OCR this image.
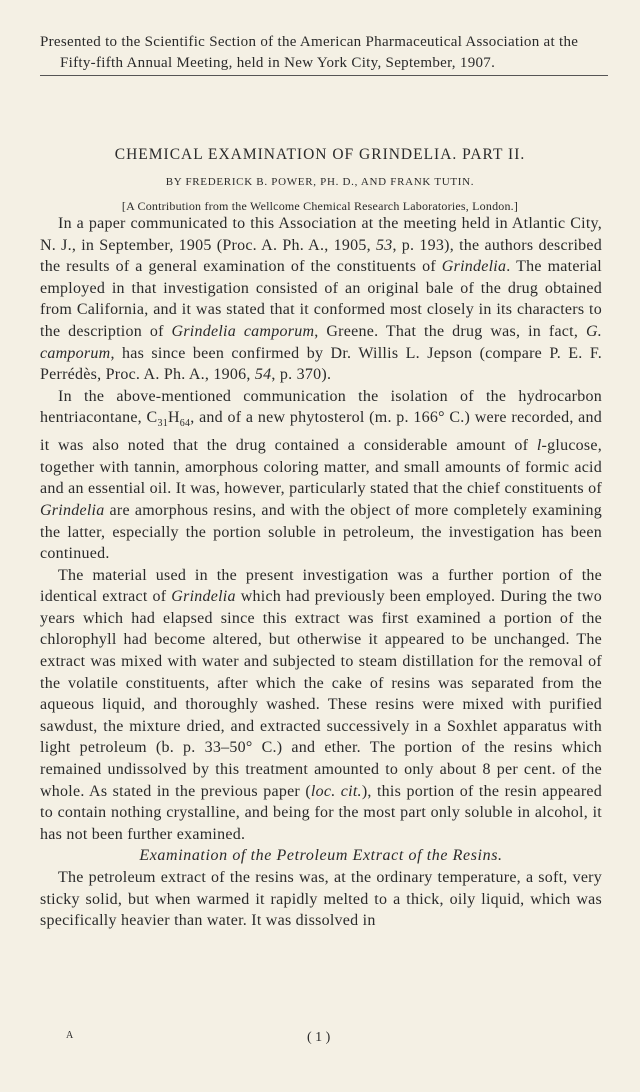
Presented to the Scientific Section of the American Pharmaceutical Association at the
Fifty-fifth Annual Meeting, held in New York City, September, 1907.
CHEMICAL EXAMINATION OF GRINDELIA. PART II.
BY FREDERICK B. POWER, PH. D., AND FRANK TUTIN.
[A Contribution from the Wellcome Chemical Research Laboratories, London.]

In a paper communicated to this Association at the meeting held in Atlantic City, N. J., in September, 1905 (Proc. A. Ph. A., 1905, 53, p. 193), the authors described the results of a general examination of the constituents of Grindelia. The material employed in that investigation consisted of an original bale of the drug obtained from California, and it was stated that it conformed most closely in its characters to the description of Grindelia camporum, Greene. That the drug was, in fact, G. camporum, has since been confirmed by Dr. Willis L. Jepson (compare P. E. F. Perrédès, Proc. A. Ph. A., 1906, 54, p. 370).

In the above-mentioned communication the isolation of the hydrocarbon hentriacontane, $C_{31}H_{64}$, and of a new phytosterol (m. p. 166° C.) were recorded, and it was also noted that the drug contained a considerable amount of l-glucose, together with tannin, amorphous coloring matter, and small amounts of formic acid and an essential oil. It was, however, particularly stated that the chief constituents of Grindelia are amorphous resins, and with the object of more completely examining the latter, especially the portion soluble in petroleum, the investigation has been continued.

The material used in the present investigation was a further portion of the identical extract of Grindelia which had previously been employed. During the two years which had elapsed since this extract was first examined a portion of the chlorophyll had become altered, but otherwise it appeared to be unchanged. The extract was mixed with water and subjected to steam distillation for the removal of the volatile constituents, after which the cake of resins was separated from the aqueous liquid, and thoroughly washed. These resins were mixed with purified sawdust, the mixture dried, and extracted successively in a Soxhlet apparatus with light petroleum (b. p. 33–50° C.) and ether. The portion of the resins which remained undissolved by this treatment amounted to only about 8 per cent. of the whole. As stated in the previous paper (loc. cit.), this portion of the resin appeared to contain nothing crystalline, and being for the most part only soluble in alcohol, it has not been further examined.

Examination of the Petroleum Extract of the Resins.

The petroleum extract of the resins was, at the ordinary temperature, a soft, very sticky solid, but when warmed it rapidly melted to a thick, oily liquid, which was specifically heavier than water. It was dissolved in

A	( 1 )
